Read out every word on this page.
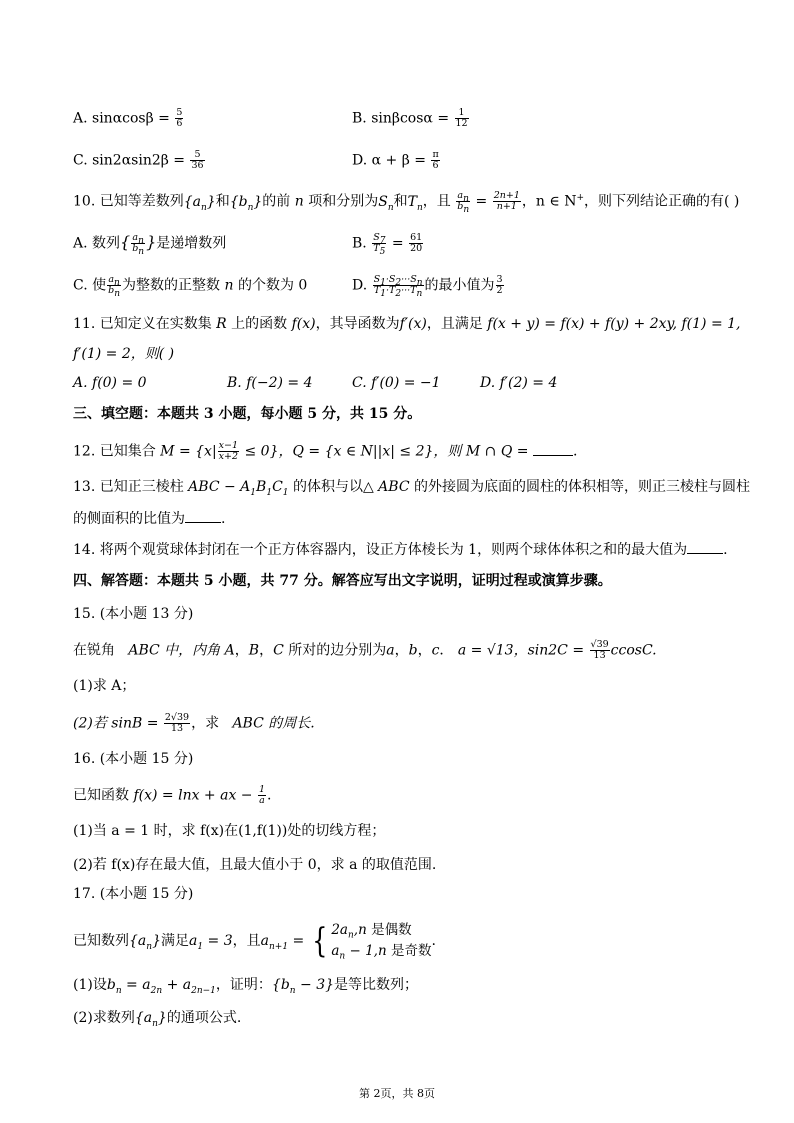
A. $\sin\alpha\cos\beta = \frac{5}{6}$	B. $\sin\beta\cos\alpha = \frac{1}{12}$
C. $\sin 2\alpha\sin 2\beta = \frac{5}{36}$	D. $\alpha + \beta = \frac{\pi}{6}$
10. 已知等差数列$\{a_n\}$和$\{b_n\}$的前 n 项和分别为$S_n$和$T_n$，且 $\frac{a_n}{b_n} = \frac{2n+1}{n+1}$ ，n ∈ N+，则下列结论正确的有( )
A. 数列{ $\frac{a_n}{b_n}$ }是递增数列	B. $\frac{S_7}{T_5} = \frac{61}{20}$
C. 使 $\frac{a_n}{b_n}$ 为整数的正整数 n 的个数为 0	D. $\frac{S_1\cdot S_2\cdot\cdot\cdot S_n}{T_1\cdot T_2\cdot\cdot\cdot T_n}$ 的最小值为 $\frac{3}{2}$
11. 已知定义在实数集 R 上的函数 f(x)，其导函数为f′(x)，且满足 f(x + y) = f(x) + f(y) + 2xy, f(1) = 1,
f′(1) = 2，则( )
A. f(0) = 0	B. f(−2) = 4	C. f′(0) = −1	D. f′(2) = 4
三、填空题：本题共 3 小题，每小题 5 分，共 15 分。
12. 已知集合 $M = \{x| \frac{x-1}{x+2} \le 0\}$，Q = {x ∈ N||x| ≤ 2}，则 M ∩ Q =	.
13. 已知正三棱柱 ABC − $A_1B_1C_1$ 的体积与以△ ABC 的外接圆为底面的圆柱的体积相等，则正三棱柱与圆柱
的侧面积的比值为	.
14. 将两个观赏球体封闭在一个正方体容器内，设正方体棱长为 1，则两个球体体积之和的最大值为	.
四、解答题：本题共 5 小题，共 77 分。解答应写出文字说明，证明过程或演算步骤。
15. (本小题 13 分)
在锐角 ABC 中，内角 A，B，C 所对的边分别为a，b，c． a = √13，$\sin 2C = \frac{√39}{13} ccosC$.
(1)求 A；
(2)若 $\sin B = \frac{2√39}{13}$ ，求 ABC 的周长.
16. (本小题 15 分)
已知函数 f(x) = lnx + ax − $\frac{1}{a}$ .
(1)当 a = 1 时，求 f(x)在(1,f(1))处的切线方程；
(2)若 f(x)存在最大值，且最大值小于 0，求 a 的取值范围.
17. (本小题 15 分)
已知数列$\{a_n\}$满足$a_1 = 3$，且$a_{n+1}$ = { $2a_n,n$ 是偶数
$a_n - 1,n$ 是奇数
.
(1)设$b_n = a_{2n} + a_{2n-1}$，证明：$\{b_n - 3\}$是等比数列；
(2)求数列$\{a_n\}$的通项公式.
第 2页，共 8页
